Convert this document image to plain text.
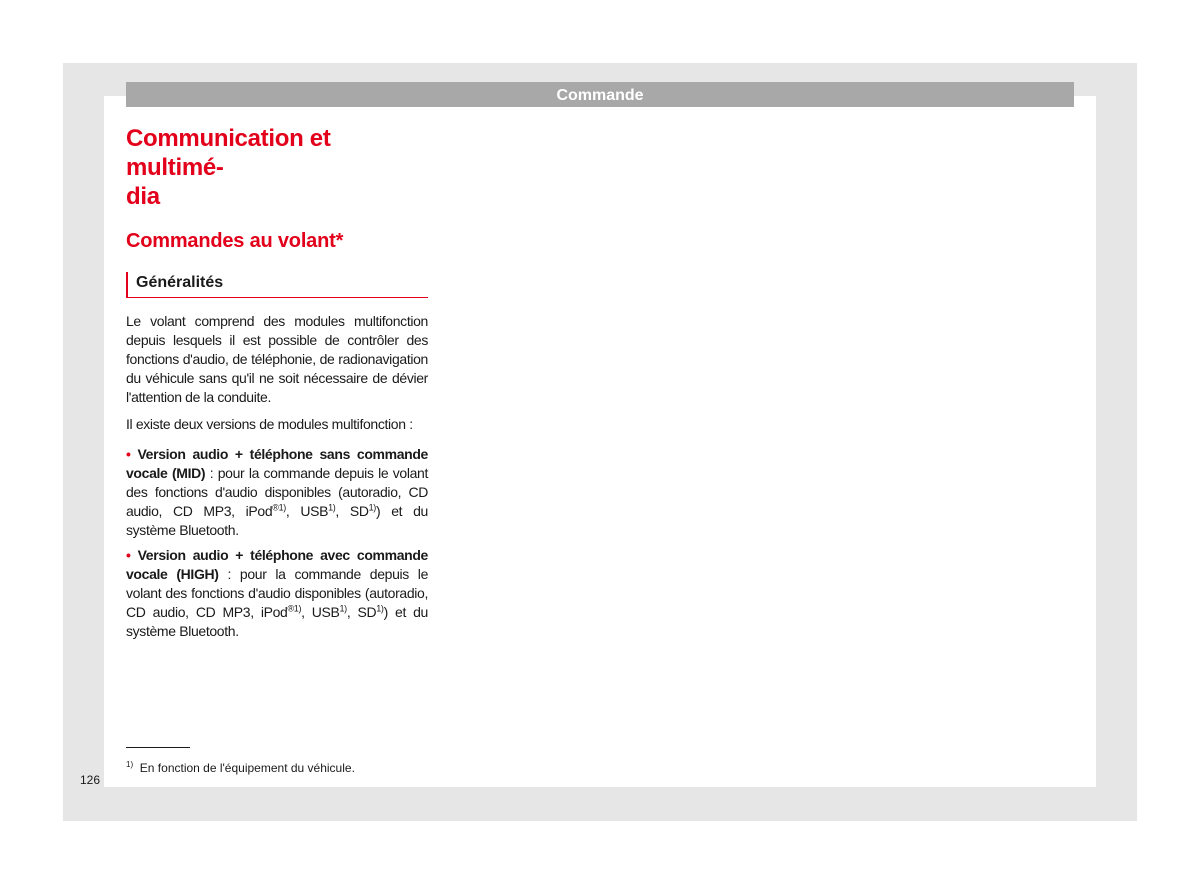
Commande
Communication et multimé-
dia
Commandes au volant*
Généralités

Le volant comprend des modules multifonction depuis lesquels il est possible de contrôler des fonctions d'audio, de téléphonie, de radionavigation du véhicule sans qu'il ne soit nécessaire de dévier l'attention de la conduite.

Il existe deux versions de modules multifonction :

• Version audio + téléphone sans commande vocale (MID) : pour la commande depuis le volant des fonctions d'audio disponibles (autoradio, CD audio, CD MP3, iPod$^{®1)}$, USB$^{1)}$, SD$^{1)}$) et du système Bluetooth.

• Version audio + téléphone avec commande vocale (HIGH) : pour la commande depuis le volant des fonctions d'audio disponibles (autoradio, CD audio, CD MP3, iPod$^{®1)}$, USB$^{1)}$, SD$^{1)}$) et du système Bluetooth.

$^{1)}$ En fonction de l'équipement du véhicule.
126
